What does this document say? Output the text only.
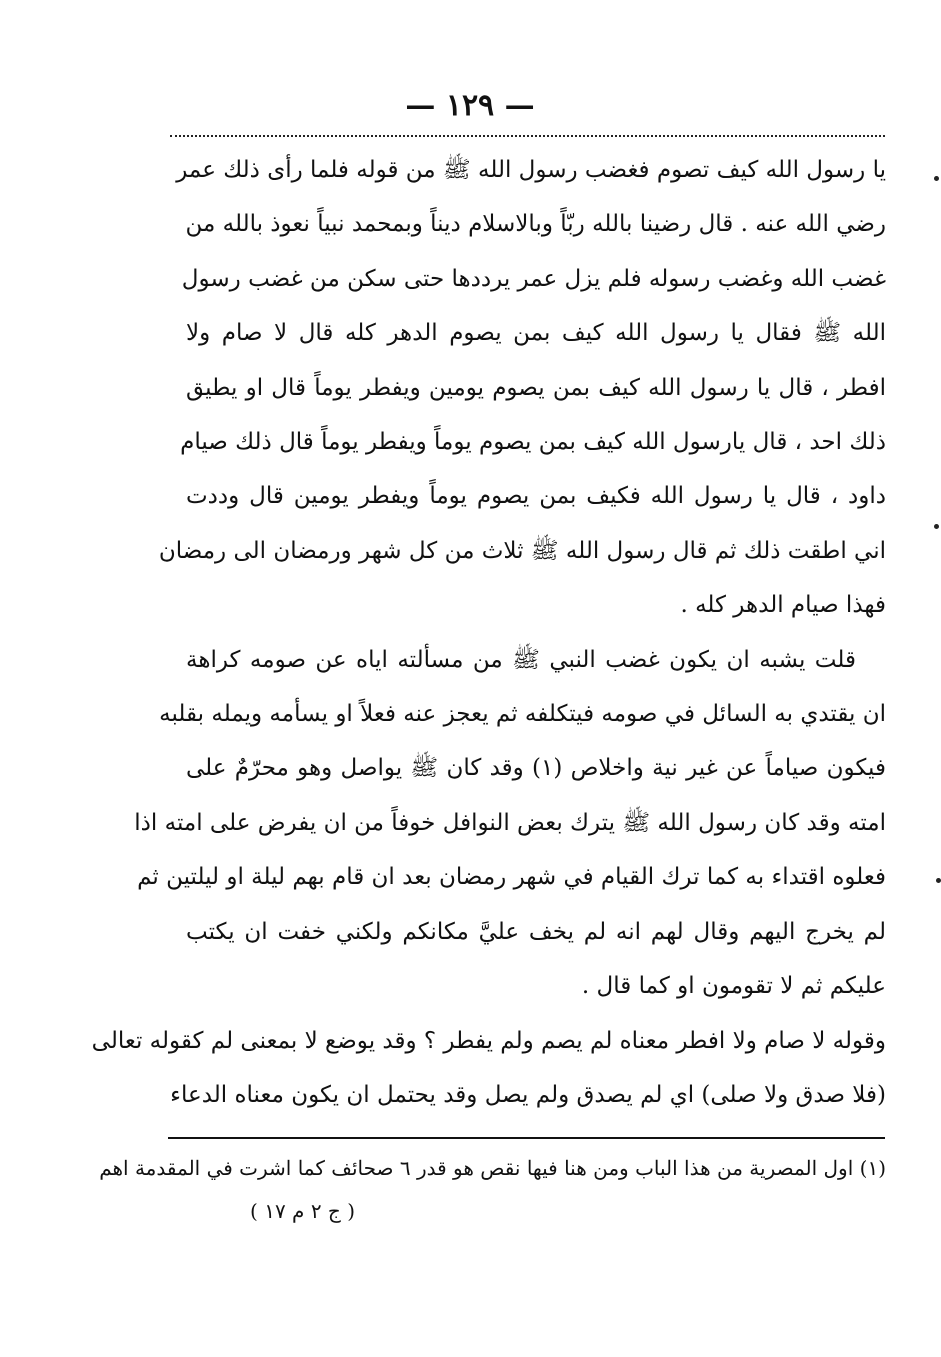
— ١٢٩ —
يا رسول الله كيف تصوم فغضب رسول الله ﷺ من قوله فلما رأى ذلك عمر
رضي الله عنه . قال رضينا بالله ربّاً وبالاسلام ديناً وبمحمد نبياً نعوذ بالله من
غضب الله وغضب رسوله فلم يزل عمر يرددها حتى سكن من غضب رسول
الله ﷺ فقال يا رسول الله كيف بمن يصوم الدهر كله قال لا صام ولا
افطر ، قال يا رسول الله كيف بمن يصوم يومين ويفطر يوماً قال او يطيق
ذلك احد ، قال يارسول الله كيف بمن يصوم يوماً ويفطر يوماً قال ذلك صيام
داود ، قال يا رسول الله فكيف بمن يصوم يوماً ويفطر يومين قال وددت
اني اطقت ذلك ثم قال رسول الله ﷺ ثلاث من كل شهر ورمضان الى رمضان
فهذا صيام الدهر كله .
قلت يشبه ان يكون غضب النبي ﷺ من مسألته اياه عن صومه كراهة
ان يقتدي به السائل في صومه فيتكلفه ثم يعجز عنه فعلاً او يسأمه ويمله بقلبه
فيكون صياماً عن غير نية واخلاص (١) وقد كان ﷺ يواصل وهو محرّمٌ على
امته وقد كان رسول الله ﷺ يترك بعض النوافل خوفاً من ان يفرض على امته اذا
فعلوه اقتداء به كما ترك القيام في شهر رمضان بعد ان قام بهم ليلة او ليلتين ثم
لم يخرج اليهم وقال لهم انه لم يخف عليَّ مكانكم ولكني خفت ان يكتب
عليكم ثم لا تقومون او كما قال .
وقوله لا صام ولا افطر معناه لم يصم ولم يفطر ؟ وقد يوضع لا بمعنى لم كقوله تعالى
(فلا صدق ولا صلى) اي لم يصدق ولم يصل وقد يحتمل ان يكون معناه الدعاء
(١) اول المصرية من هذا الباب ومن هنا فيها نقص هو قدر ٦ صحائف كما اشرت في المقدمة اهم
( ج ٢ م ١٧ )
